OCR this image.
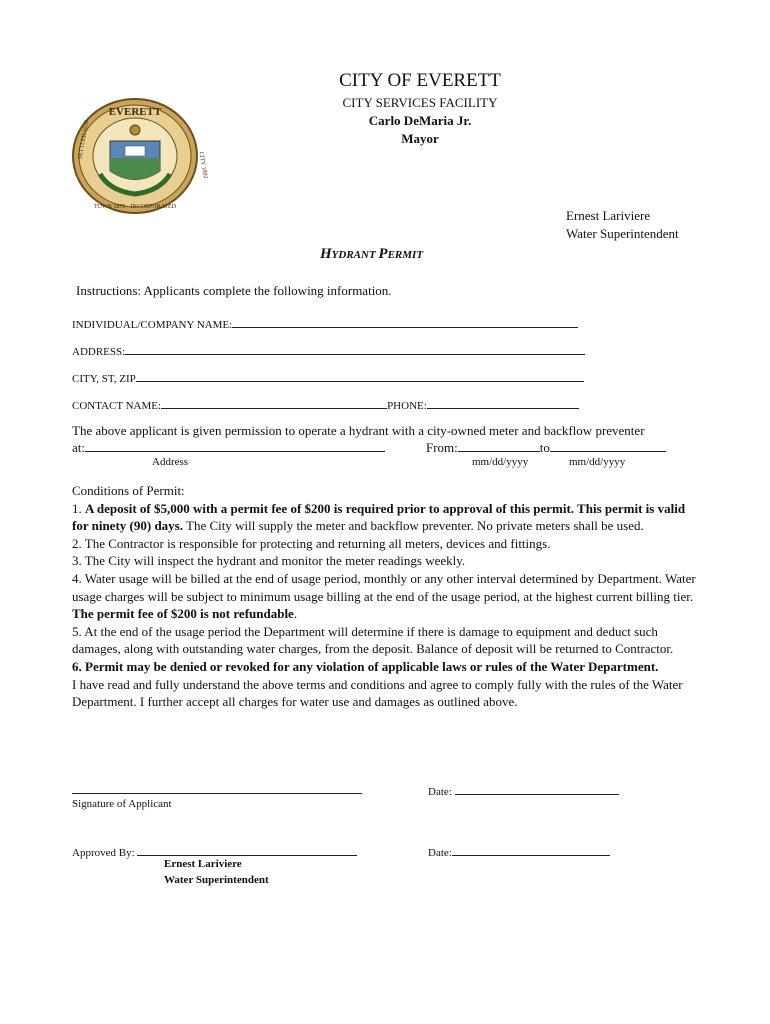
EVERETT
TOWN 1870 · INCORPORATED
SETTLED 1630
CITY 1892
CITY OF EVERETT
CITY SERVICES FACILITY
Carlo DeMaria Jr.
Mayor
Ernest Lariviere
Water Superintendent
HYDRANT PERMIT
Instructions: Applicants complete the following information.
INDIVIDUAL/COMPANY NAME:
ADDRESS:
CITY, ST, ZIP
CONTACT NAME:	PHONE:
The above applicant is given permission to operate a hydrant with a city-owned meter and backflow preventer
at:	From:	to
Address	mm/dd/yyyy	mm/dd/yyyy

Conditions of Permit:

1. A deposit of $5,000 with a permit fee of $200 is required prior to approval of this permit. This permit is valid for ninety (90) days. The City will supply the meter and backflow preventer. No private meters shall be used.

2. The Contractor is responsible for protecting and returning all meters, devices and fittings.

3. The City will inspect the hydrant and monitor the meter readings weekly.

4. Water usage will be billed at the end of usage period, monthly or any other interval determined by Department. Water usage charges will be subject to minimum usage billing at the end of the usage period, at the highest current billing tier. The permit fee of $200 is not refundable.

5. At the end of the usage period the Department will determine if there is damage to equipment and deduct such damages, along with outstanding water charges, from the deposit. Balance of deposit will be returned to Contractor.

6. Permit may be denied or revoked for any violation of applicable laws or rules of the Water Department.

I have read and fully understand the above terms and conditions and agree to comply fully with the rules of the Water Department. I further accept all charges for water use and damages as outlined above.

Signature of Applicant
Date:
Approved By:	Date:
Ernest Lariviere
Water Superintendent
